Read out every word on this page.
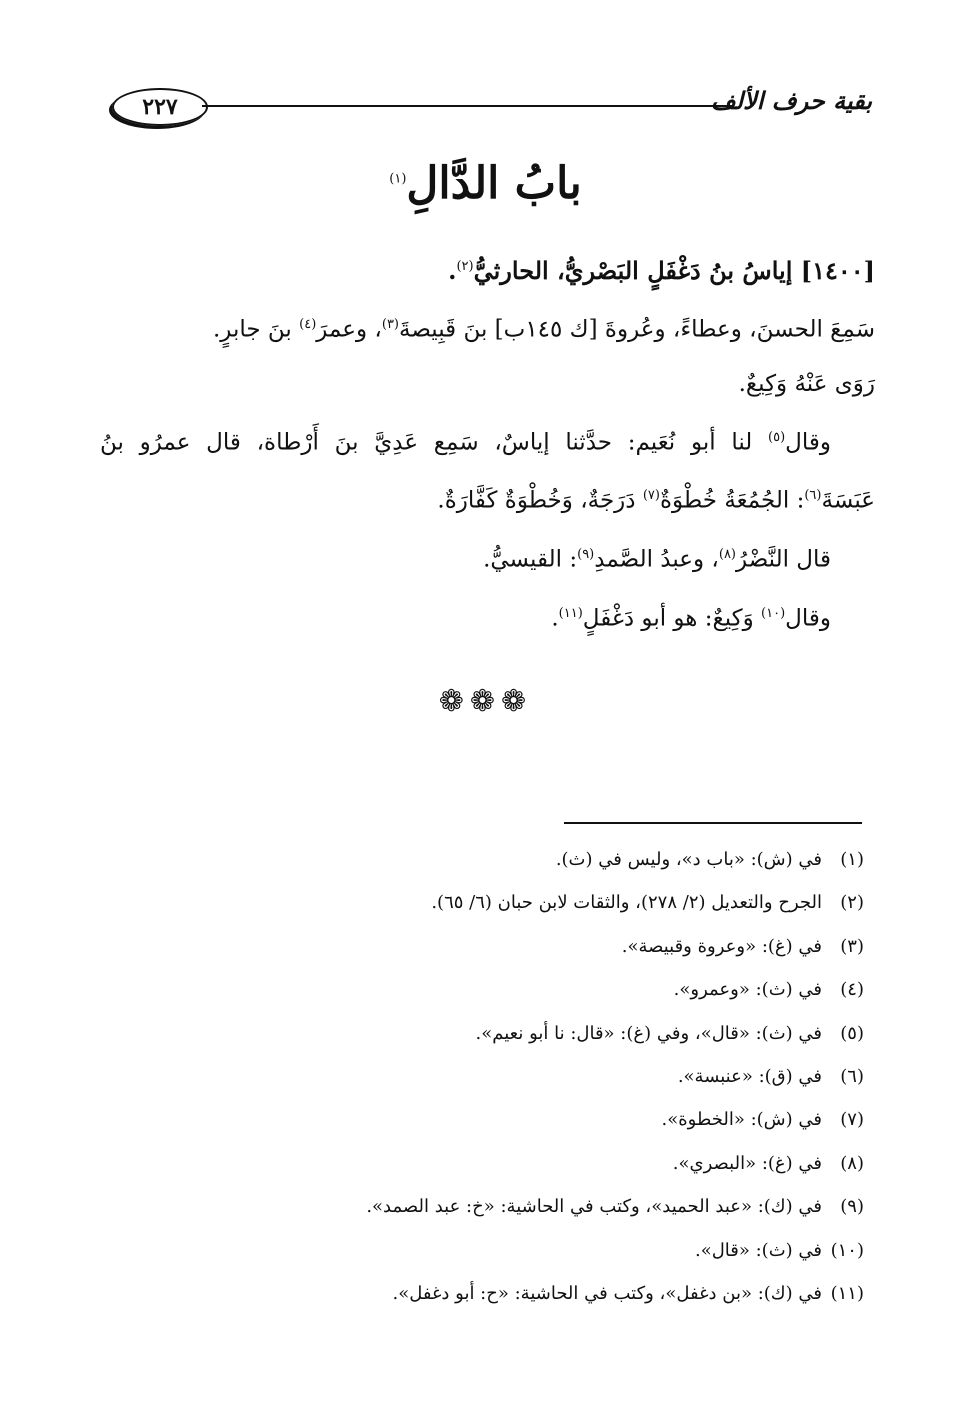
٢٢٧	بقية حرف الألف
بابُ الدَّالِ$^{(١)}$

[١٤٠٠] إياسُ بنُ دَغْفَلٍ البَصْريُّ، الحارثيُّ$^{(٢)}$.

سَمِعَ الحسنَ، وعطاءً، وعُروةَ [ك ١٤٥ب] بنَ قَبِيصةَ$^{(٣)}$، وعمرَ$^{(٤)}$ بنَ جابرٍ.

رَوَى عَنْهُ وَكِيعٌ.

وقال$^{(٥)}$ لنا أبو نُعَيم: حدَّثنا إياسٌ، سَمِع عَدِيَّ بنَ أَرْطاة، قال عمرُو بنُ

عَبَسَةَ$^{(٦)}$: الجُمُعَةُ خُطْوَةٌ$^{(٧)}$ دَرَجَةٌ، وَخُطْوَةٌ كَفَّارَةٌ.

قال النَّضْرُ$^{(٨)}$، وعبدُ الصَّمدِ$^{(٩)}$: القيسيُّ.

وقال$^{(١٠)}$ وَكِيعٌ: هو أبو دَغْفَلٍ$^{(١١)}$.

❁❁❁
(١)في (ش): «باب د»، وليس في (ث).
(٢)الجرح والتعديل (٢/ ٢٧٨)، والثقات لابن حبان (٦/ ٦٥).
(٣)في (غ): «وعروة وقبيصة».
(٤)في (ث): «وعمرو».
(٥)في (ث): «قال»، وفي (غ): «قال: نا أبو نعيم».
(٦)في (ق): «عنبسة».
(٧)في (ش): «الخطوة».
(٨)في (غ): «البصري».
(٩)في (ك): «عبد الحميد»، وكتب في الحاشية: «خ: عبد الصمد».
(١٠)في (ث): «قال».
(١١)في (ك): «بن دغفل»، وكتب في الحاشية: «ح: أبو دغفل».
